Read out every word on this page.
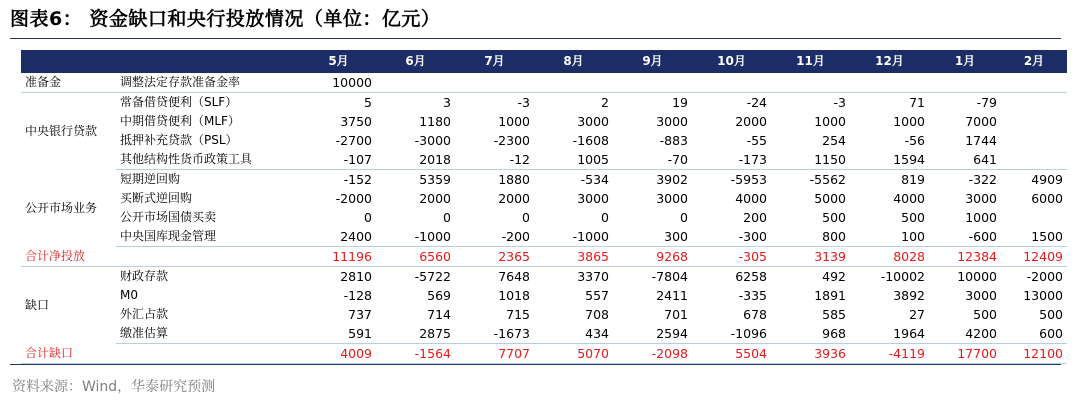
图表6： 资金缺口和央行投放情况（单位：亿元）
		5月	6月	7月	8月	9月	10月	11月	12月	1月	2月
准备金	调整法定存款准备金率	10000									
中央银行贷款	常备借贷便利（SLF）	5	3	-3	2	19	-24	-3	71	-79	
	中期借贷便利（MLF）	3750	1180	1000	3000	3000	2000	1000	1000	7000	
	抵押补充贷款（PSL）	-2700	-3000	-2300	-1608	-883	-55	254	-56	1744	
	其他结构性货币政策工具	-107	2018	-12	1005	-70	-173	1150	1594	641	
公开市场业务	短期逆回购	-152	5359	1880	-534	3902	-5953	-5562	819	-322	4909
	买断式逆回购	-2000	2000	2000	3000	3000	4000	5000	4000	3000	6000
	公开市场国债买卖	0	0	0	0	0	200	500	500	1000	
	中央国库现金管理	2400	-1000	-200	-1000	300	-300	800	100	-600	1500
合计净投放		11196	6560	2365	3865	9268	-305	3139	8028	12384	12409
缺口	财政存款	2810	-5722	7648	3370	-7804	6258	492	-10002	10000	-2000
	M0	-128	569	1018	557	2411	-335	1891	3892	3000	13000
	外汇占款	737	714	715	708	701	678	585	27	500	500
	缴准估算	591	2875	-1673	434	2594	-1096	968	1964	4200	600
合计缺口		4009	-1564	7707	5070	-2098	5504	3936	-4119	17700	12100
资料来源：Wind，华泰研究预测
